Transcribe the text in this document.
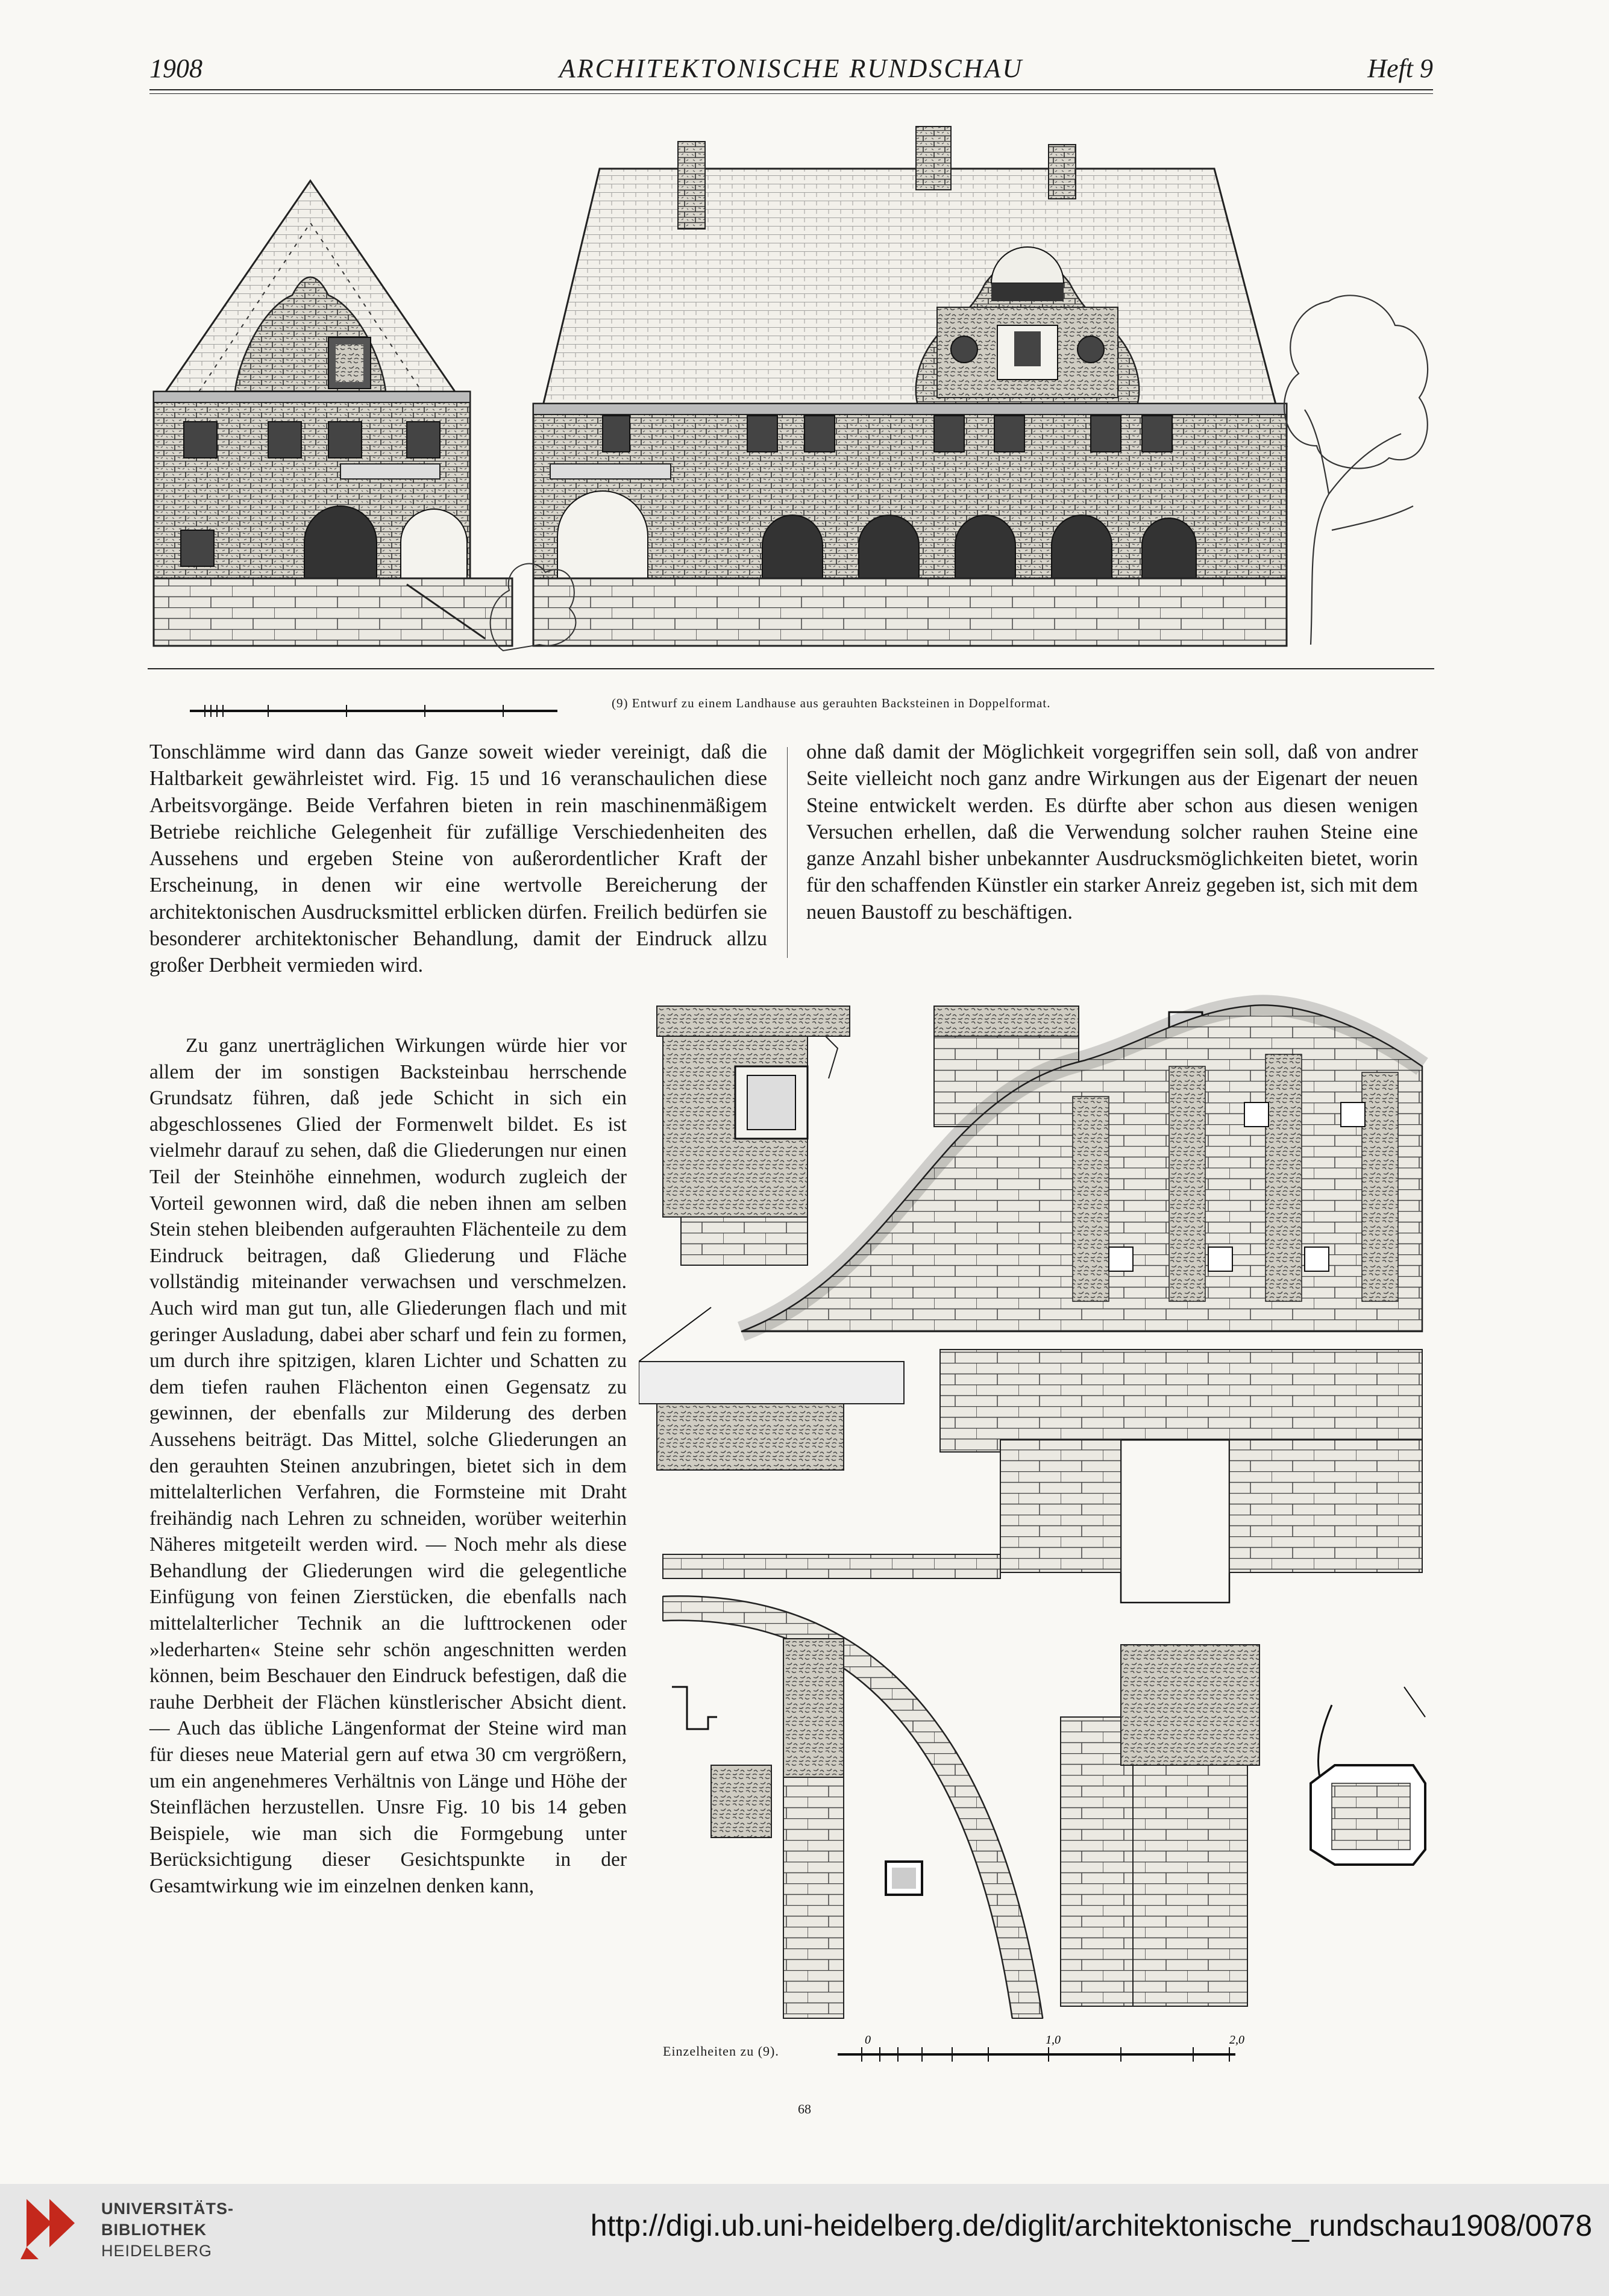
1908	ARCHITEKTONISCHE RUNDSCHAU	Heft 9
(9) Entwurf zu einem Landhause aus gerauhten Backsteinen in Doppelformat.

Tonschlämme wird dann das Ganze soweit wieder vereinigt, daß die Haltbarkeit gewährleistet wird. Fig. 15 und 16 veranschaulichen diese Arbeitsvorgänge. Beide Verfahren bieten in rein maschinenmäßigem Betriebe reichliche Gelegenheit für zufällige Verschiedenheiten des Aussehens und ergeben Steine von außerordentlicher Kraft der Erscheinung, in denen wir eine wertvolle Bereicherung der architektonischen Ausdrucksmittel erblicken dürfen. Freilich bedürfen sie besonderer architektonischer Behandlung, damit der Eindruck allzu großer Derbheit vermieden wird.

ohne daß damit der Möglichkeit vorgegriffen sein soll, daß von andrer Seite vielleicht noch ganz andre Wirkungen aus der Eigenart der neuen Steine entwickelt werden. Es dürfte aber schon aus diesen wenigen Versuchen erhellen, daß die Verwendung solcher rauhen Steine eine ganze Anzahl bisher unbekannter Ausdrucksmöglichkeiten bietet, worin für den schaffenden Künstler ein starker Anreiz gegeben ist, sich mit dem neuen Baustoff zu beschäftigen.

Zu ganz unerträglichen Wirkungen würde hier vor allem der im sonstigen Backsteinbau herrschende Grundsatz führen, daß jede Schicht in sich ein abgeschlossenes Glied der Formenwelt bildet. Es ist vielmehr darauf zu sehen, daß die Gliederungen nur einen Teil der Steinhöhe einnehmen, wodurch zugleich der Vorteil gewonnen wird, daß die neben ihnen am selben Stein stehen bleibenden aufgerauhten Flächenteile zu dem Eindruck beitragen, daß Gliederung und Fläche vollständig miteinander verwachsen und verschmelzen. Auch wird man gut tun, alle Gliederungen flach und mit geringer Ausladung, dabei aber scharf und fein zu formen, um durch ihre spitzigen, klaren Lichter und Schatten zu dem tiefen rauhen Flächenton einen Gegensatz zu gewinnen, der ebenfalls zur Milderung des derben Aussehens beiträgt. Das Mittel, solche Gliederungen an den gerauhten Steinen anzubringen, bietet sich in dem mittelalterlichen Verfahren, die Formsteine mit Draht freihändig nach Lehren zu schneiden, worüber weiterhin Näheres mitgeteilt werden wird. — Noch mehr als diese Behandlung der Gliederungen wird die gelegentliche Einfügung von feinen Zierstücken, die ebenfalls nach mittelalterlicher Technik an die lufttrockenen oder »lederharten« Steine sehr schön angeschnitten werden können, beim Beschauer den Eindruck befestigen, daß die rauhe Derbheit der Flächen künstlerischer Absicht dient. — Auch das übliche Längenformat der Steine wird man für dieses neue Material gern auf etwa 30 cm vergrößern, um ein angenehmeres Verhältnis von Länge und Höhe der Steinflächen herzustellen. Unsre Fig. 10 bis 14 geben Beispiele, wie man sich die Formgebung unter Berücksichtigung dieser Gesichtspunkte in der Gesamtwirkung wie im einzelnen denken kann,

0	1,0	2,0
Einzelheiten zu (9).
68
UNIVERSITÄTS-
BIBLIOTHEK
HEIDELBERG
http://digi.ub.uni-heidelberg.de/diglit/architektonische_rundschau1908/0078
